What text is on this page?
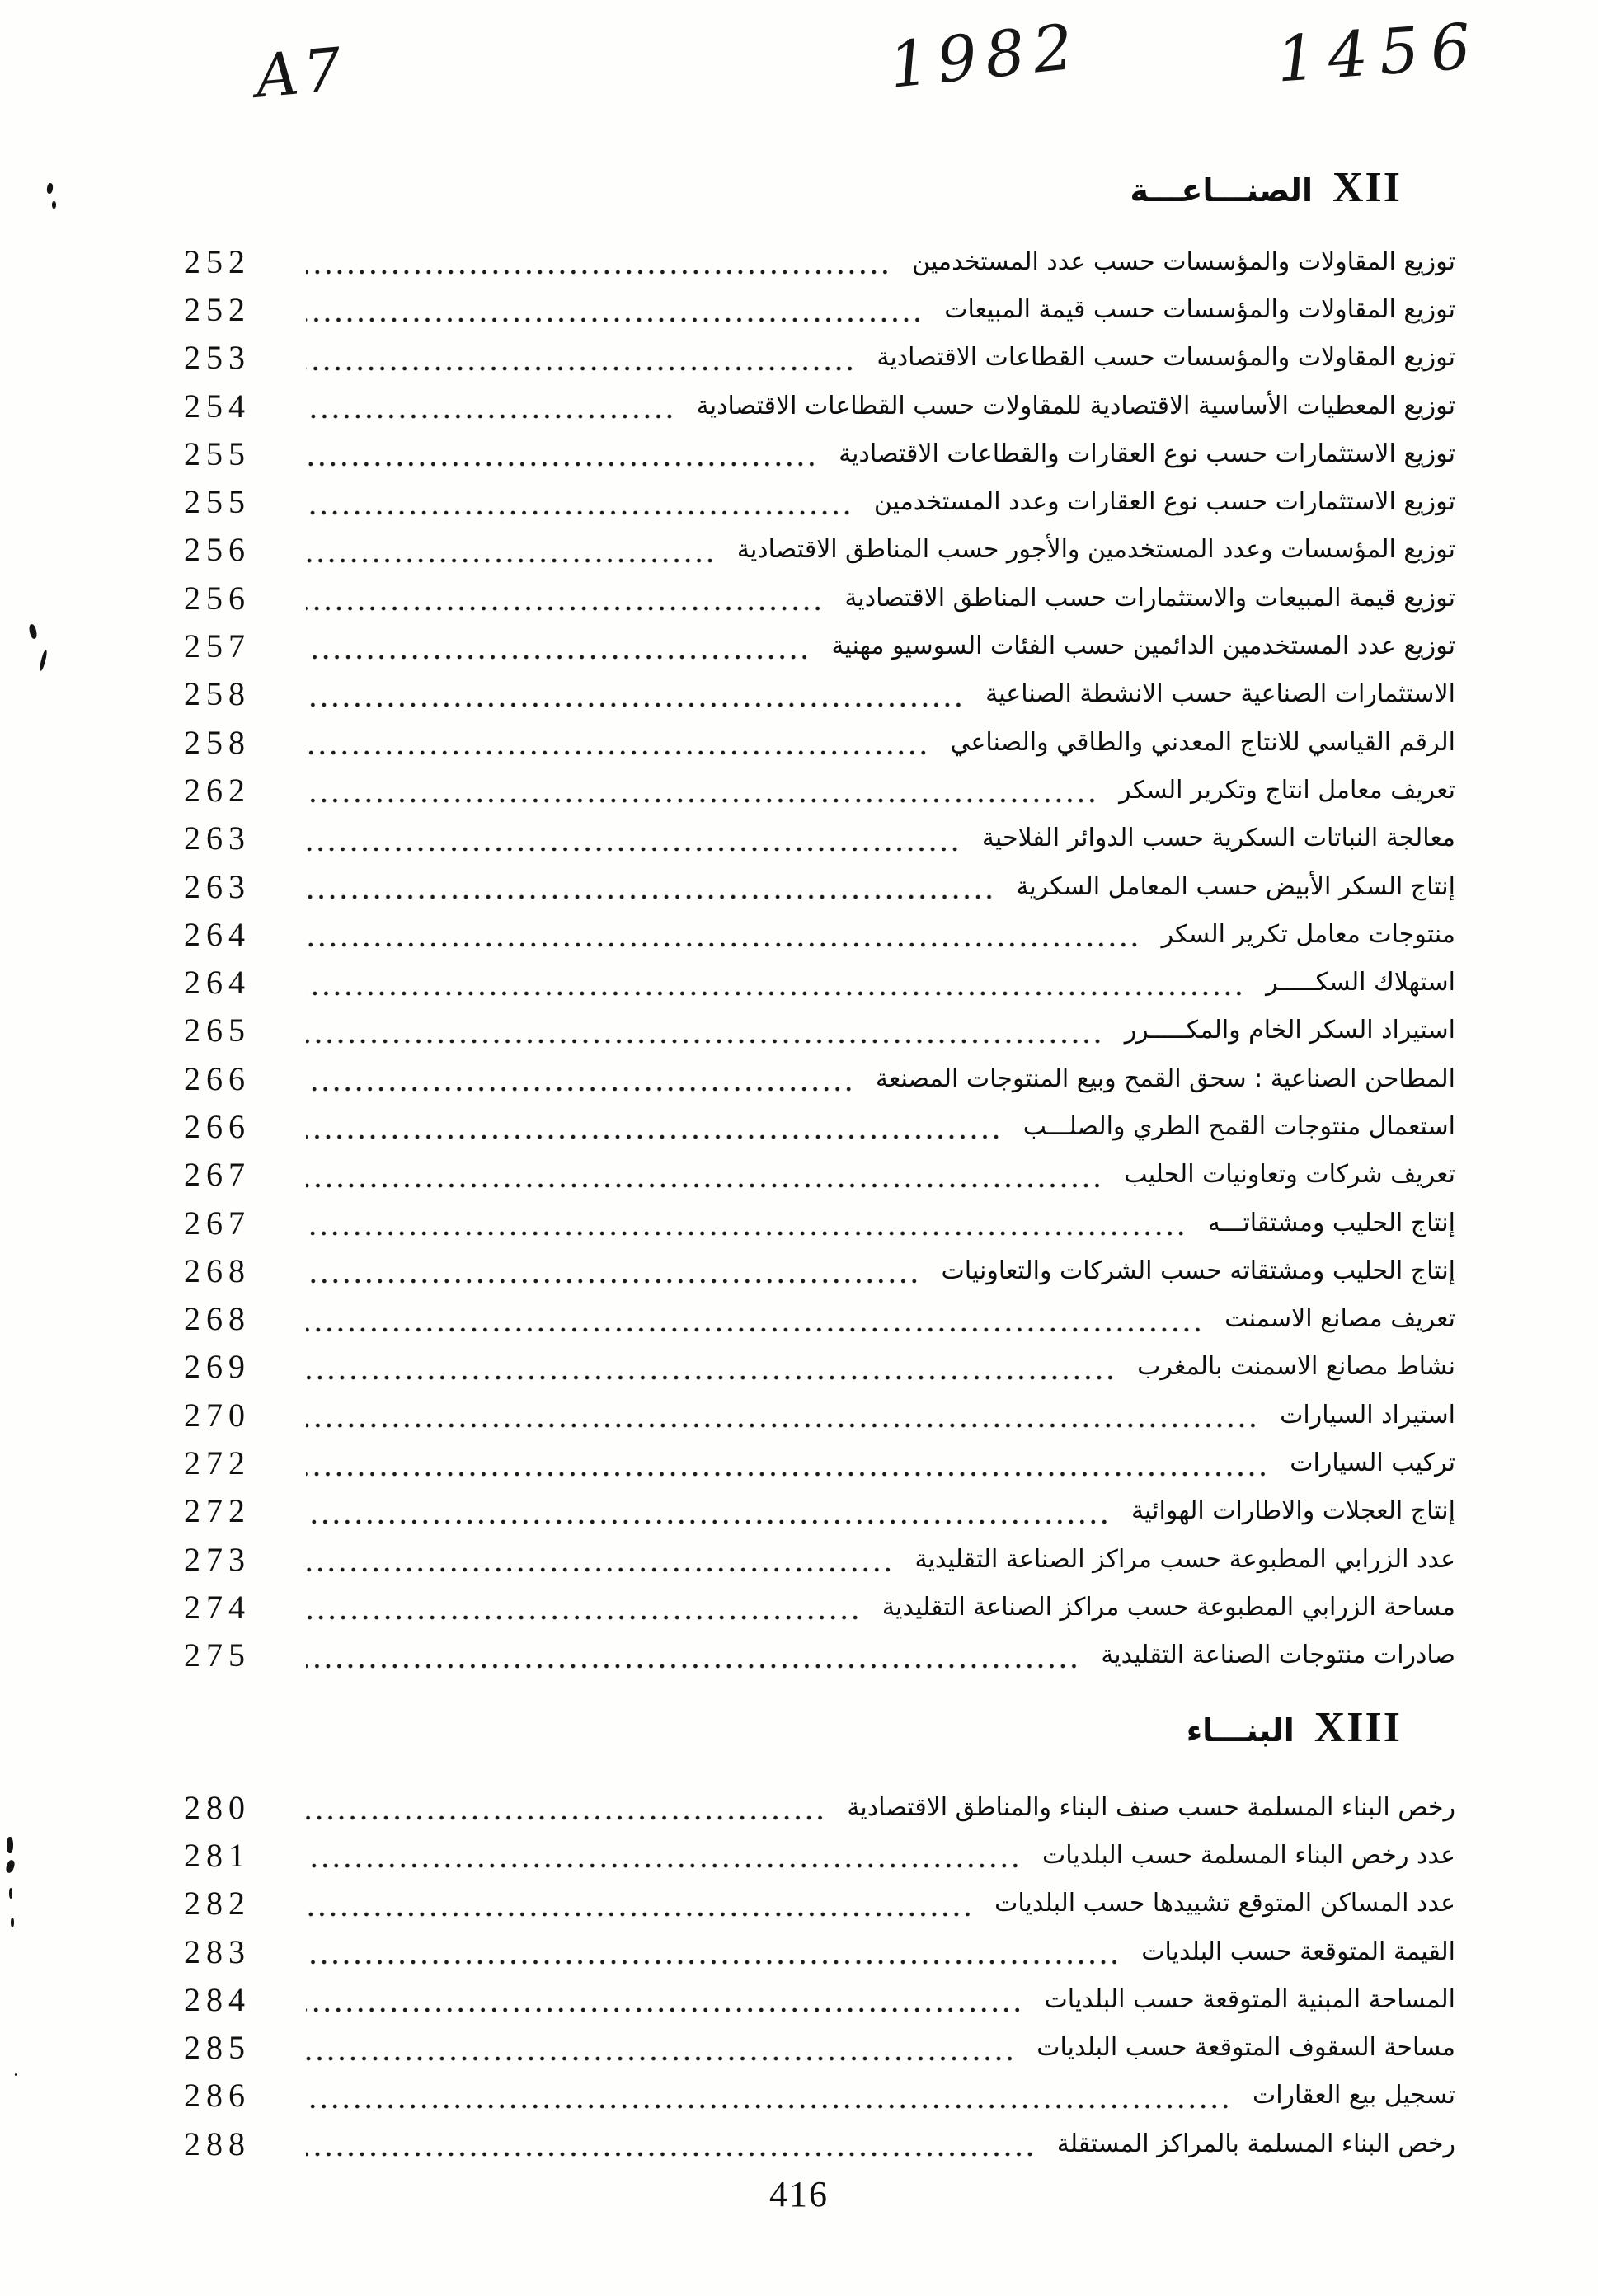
A7	1982	1456
XII
الصنـــاعـــة
توزيع المقاولات والمؤسسات حسب عدد المستخدمين
252
توزيع المقاولات والمؤسسات حسب قيمة المبيعات
252
توزيع المقاولات والمؤسسات حسب القطاعات الاقتصادية
253
توزيع المعطيات الأساسية الاقتصادية للمقاولات حسب القطاعات الاقتصادية
254
توزيع الاستثمارات حسب نوع العقارات والقطاعات الاقتصادية
255
توزيع الاستثمارات حسب نوع العقارات وعدد المستخدمين
255
توزيع المؤسسات وعدد المستخدمين والأجور حسب المناطق الاقتصادية
256
توزيع قيمة المبيعات والاستثمارات حسب المناطق الاقتصادية
256
توزيع عدد المستخدمين الدائمين حسب الفئات السوسيو مهنية
257
الاستثمارات الصناعية حسب الانشطة الصناعية
258
الرقم القياسي للانتاج المعدني والطاقي والصناعي
258
تعريف معامل انتاج وتكرير السكر
262
معالجة النباتات السكرية حسب الدوائر الفلاحية
263
إنتاج السكر الأبيض حسب المعامل السكرية
263
منتوجات معامل تكرير السكر
264
استهلاك السكـــــر
264
استيراد السكر الخام والمكـــــرر
265
المطاحن الصناعية : سحق القمح وبيع المنتوجات المصنعة
266
استعمال منتوجات القمح الطري والصلـــب
266
تعريف شركات وتعاونيات الحليب
267
إنتاج الحليب ومشتقاتـــه
267
إنتاج الحليب ومشتقاته حسب الشركات والتعاونيات
268
تعريف مصانع الاسمنت
268
نشاط مصانع الاسمنت بالمغرب
269
استيراد السيارات
270
تركيب السيارات
272
إنتاج العجلات والاطارات الهوائية
272
عدد الزرابي المطبوعة حسب مراكز الصناعة التقليدية
273
مساحة الزرابي المطبوعة حسب مراكز الصناعة التقليدية
274
صادرات منتوجات الصناعة التقليدية
275
XIII
البنـــاء
رخص البناء المسلمة حسب صنف البناء والمناطق الاقتصادية
280
عدد رخص البناء المسلمة حسب البلديات
281
عدد المساكن المتوقع تشييدها حسب البلديات
282
القيمة المتوقعة حسب البلديات
283
المساحة المبنية المتوقعة حسب البلديات
284
مساحة السقوف المتوقعة حسب البلديات
285
تسجيل بيع العقارات
286
رخص البناء المسلمة بالمراكز المستقلة
288
416
